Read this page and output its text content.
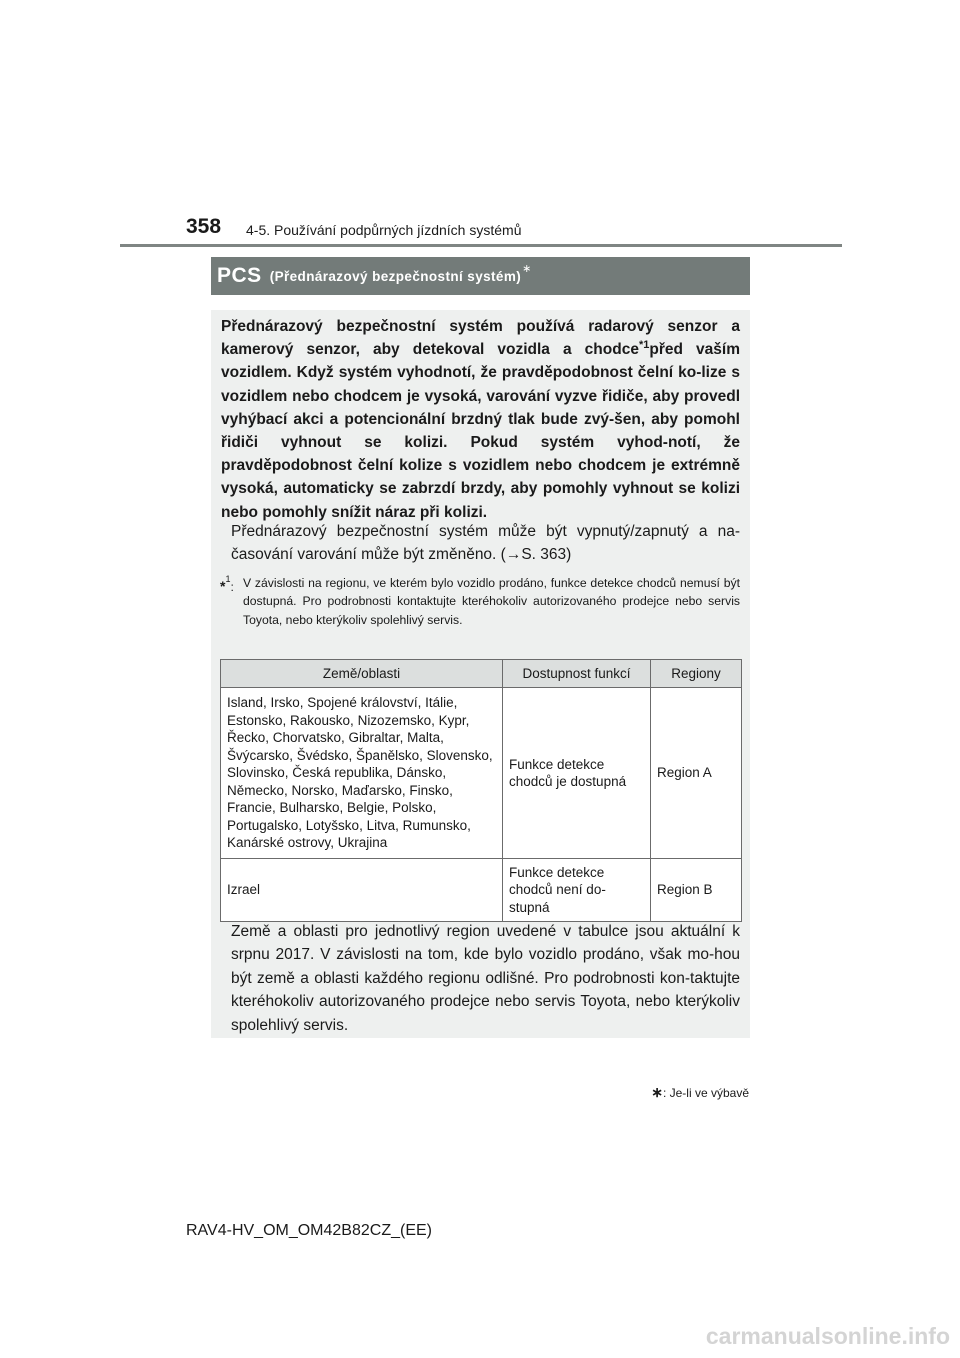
358 4-5. Používání podpůrných jízdních systémů
PCS (Přednárazový bezpečnostní systém) ∗

Přednárazový bezpečnostní systém používá radarový senzor a kamerový senzor, aby detekoval vozidla a chodce$^{*1}$před vaším vozidlem. Když systém vyhodnotí, že pravděpodobnost čelní ko-lize s vozidlem nebo chodcem je vysoká, varování vyzve řidiče, aby provedl vyhýbací akci a potencionální brzdný tlak bude zvý-šen, aby pomohl řidiči vyhnout se kolizi. Pokud systém vyhod-notí, že pravděpodobnost čelní kolize s vozidlem nebo chodcem je extrémně vysoká, automaticky se zabrzdí brzdy, aby pomohly vyhnout se kolizi nebo pomohly snížit náraz při kolizi.

Přednárazový bezpečnostní systém může být vypnutý/zapnutý a na-časování varování může být změněno. (→S. 363)

*$^1$: V závislosti na regionu, ve kterém bylo vozidlo prodáno, funkce detekce chodců nemusí být dostupná. Pro podrobnosti kontaktujte kteréhokoliv autorizovaného prodejce nebo servis Toyota, nebo kterýkoliv spolehlivý servis.
Země/oblasti	Dostupnost funkcí	Regiony
Island, Irsko, Spojené království, Itálie, Estonsko, Rakousko, Nizozemsko, Kypr, Řecko, Chorvatsko, Gibraltar, Malta, Švýcarsko, Švédsko, Španělsko, Slovensko, Slovinsko, Česká republika, Dánsko, Německo, Norsko, Maďarsko, Finsko, Francie, Bulharsko, Belgie, Polsko, Portugalsko, Lotyšsko, Litva, Rumunsko, Kanárské ostrovy, Ukrajina	Funkce detekce chodců je dostupná	Region A
Izrael	Funkce detekce chodců není do-stupná	Region B

Země a oblasti pro jednotlivý region uvedené v tabulce jsou aktuální k srpnu 2017. V závislosti na tom, kde bylo vozidlo prodáno, však mo-hou být země a oblasti každého regionu odlišné. Pro podrobnosti kon-taktujte kteréhokoliv autorizovaného prodejce nebo servis Toyota, nebo kterýkoliv spolehlivý servis.

∗: Je-li ve výbavě
RAV4-HV_OM_OM42B82CZ_(EE)
carmanualsonline.info
